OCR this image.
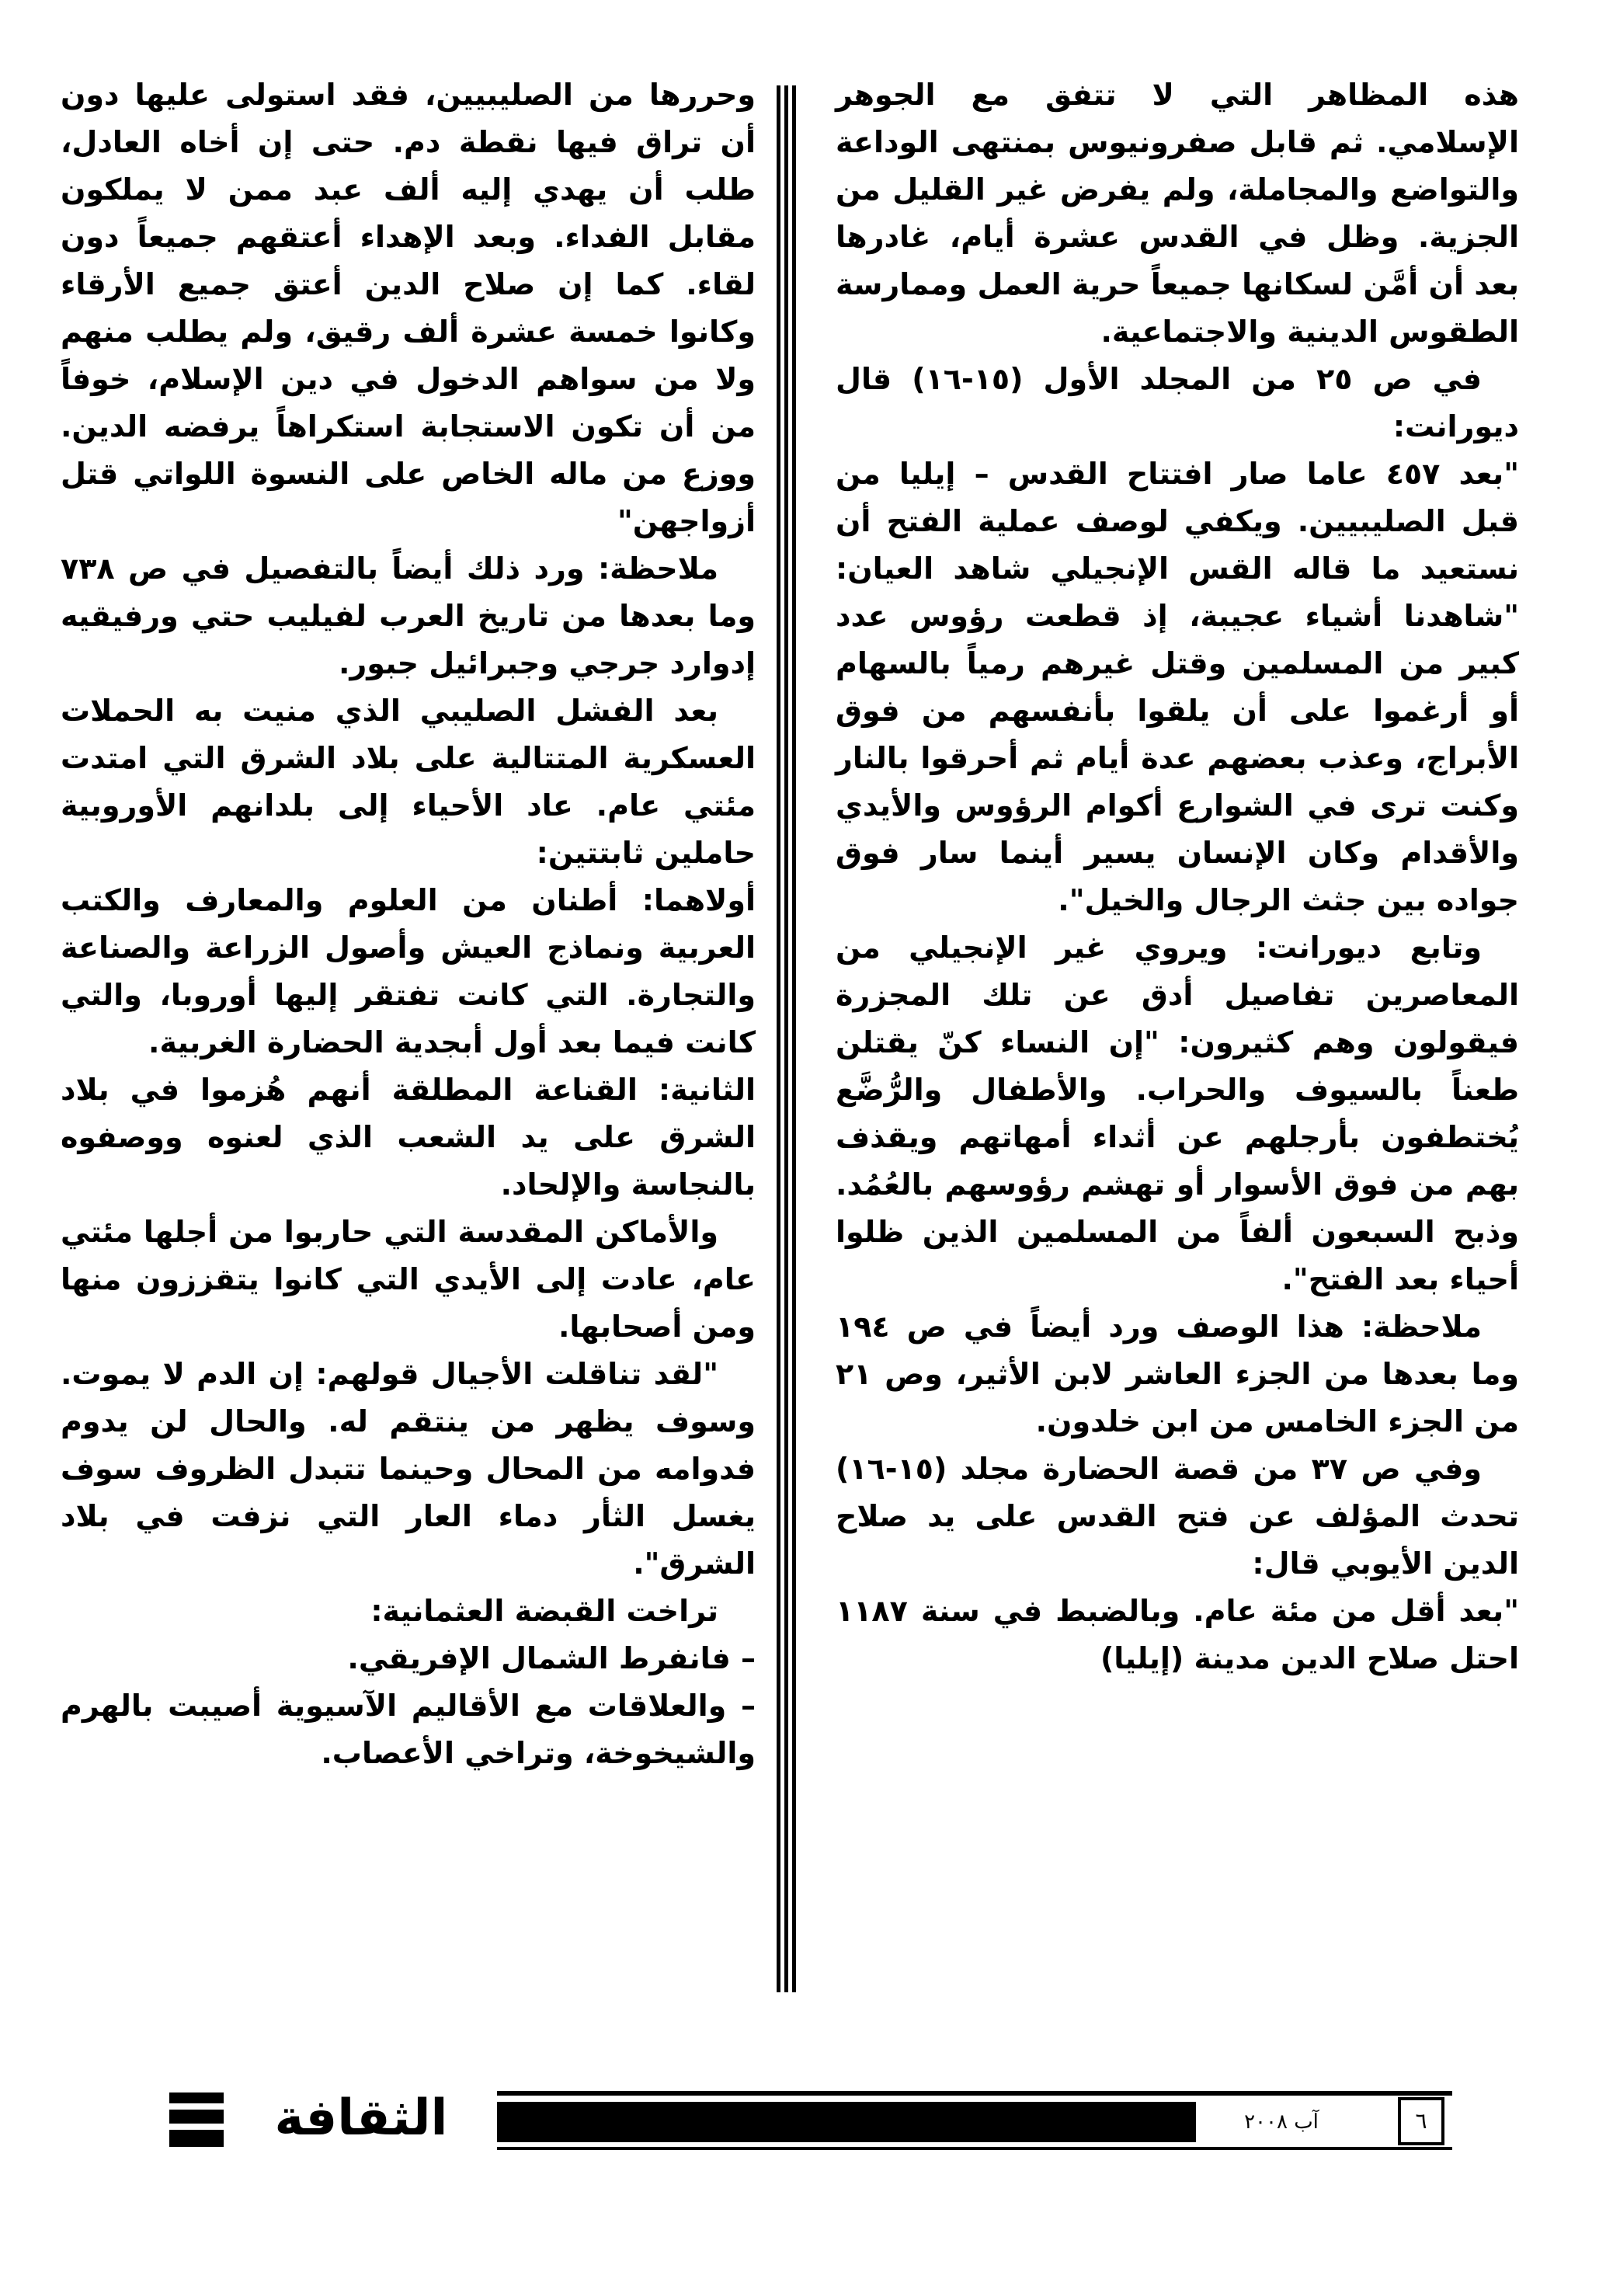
هذه المظاهر التي لا تتفق مع الجوهر الإسلامي. ثم قابل صفرونيوس بمنتهى الوداعة والتواضع والمجاملة، ولم يفرض غير القليل من الجزية. وظل في القدس عشرة أيام، غادرها بعد أن أمَّن لسكانها جميعاً حرية العمل وممارسة الطقوس الدينية والاجتماعية.

في ص ٢٥ من المجلد الأول (١٥-١٦) قال ديورانت:

"بعد ٤٥٧ عاما صار افتتاح القدس – إيليا من قبل الصليبيين. ويكفي لوصف عملية الفتح أن نستعيد ما قاله القس الإنجيلي شاهد العيان: "شاهدنا أشياء عجيبة، إذ قطعت رؤوس عدد كبير من المسلمين وقتل غيرهم رمياً بالسهام أو أرغموا على أن يلقوا بأنفسهم من فوق الأبراج، وعذب بعضهم عدة أيام ثم أحرقوا بالنار وكنت ترى في الشوارع أكوام الرؤوس والأيدي والأقدام وكان الإنسان يسير أينما سار فوق جواده بين جثث الرجال والخيل".

وتابع ديورانت: ويروي غير الإنجيلي من المعاصرين تفاصيل أدق عن تلك المجزرة فيقولون وهم كثيرون: "إن النساء كنّ يقتلن طعناً بالسيوف والحراب. والأطفال والرُّضَّع يُختطفون بأرجلهم عن أثداء أمهاتهم ويقذف بهم من فوق الأسوار أو تهشم رؤوسهم بالعُمُد. وذبح السبعون ألفاً من المسلمين الذين ظلوا أحياء بعد الفتح".

ملاحظة: هذا الوصف ورد أيضاً في ص ١٩٤ وما بعدها من الجزء العاشر لابن الأثير، وص ٢١ من الجزء الخامس من ابن خلدون.

وفي ص ٣٧ من قصة الحضارة مجلد (١٥-١٦) تحدث المؤلف عن فتح القدس على يد صلاح الدين الأيوبي قال:

"بعد أقل من مئة عام. وبالضبط في سنة ١١٨٧ احتل صلاح الدين مدينة (إيليا)

وحررها من الصليبيين، فقد استولى عليها دون أن تراق فيها نقطة دم. حتى إن أخاه العادل، طلب أن يهدي إليه ألف عبد ممن لا يملكون مقابل الفداء. وبعد الإهداء أعتقهم جميعاً دون لقاء. كما إن صلاح الدين أعتق جميع الأرقاء وكانوا خمسة عشرة ألف رقيق، ولم يطلب منهم ولا من سواهم الدخول في دين الإسلام، خوفاً من أن تكون الاستجابة استكراهاً يرفضه الدين. ووزع من ماله الخاص على النسوة اللواتي قتل أزواجهن"

ملاحظة: ورد ذلك أيضاً بالتفصيل في ص ٧٣٨ وما بعدها من تاريخ العرب لفيليب حتي ورفيقيه إدوارد جرجي وجبرائيل جبور.

بعد الفشل الصليبي الذي منيت به الحملات العسكرية المتتالية على بلاد الشرق التي امتدت مئتي عام. عاد الأحياء إلى بلدانهم الأوروبية حاملين ثابتتين:

أولاهما: أطنان من العلوم والمعارف والكتب العربية ونماذج العيش وأصول الزراعة والصناعة والتجارة. التي كانت تفتقر إليها أوروبا، والتي كانت فيما بعد أول أبجدية الحضارة الغربية.

الثانية: القناعة المطلقة أنهم هُزموا في بلاد الشرق على يد الشعب الذي لعنوه ووصفوه بالنجاسة والإلحاد.

والأماكن المقدسة التي حاربوا من أجلها مئتي عام، عادت إلى الأيدي التي كانوا يتقززون منها ومن أصحابها.

"لقد تناقلت الأجيال قولهم: إن الدم لا يموت. وسوف يظهر من ينتقم له. والحال لن يدوم فدوامه من المحال وحينما تتبدل الظروف سوف يغسل الثأر دماء العار التي نزفت في بلاد الشرق".

تراخت القبضة العثمانية:

– فانفرط الشمال الإفريقي.

– والعلاقات مع الأقاليم الآسيوية أصيبت بالهرم والشيخوخة، وتراخي الأعصاب.

الثقافة	آب ٢٠٠٨	٦
